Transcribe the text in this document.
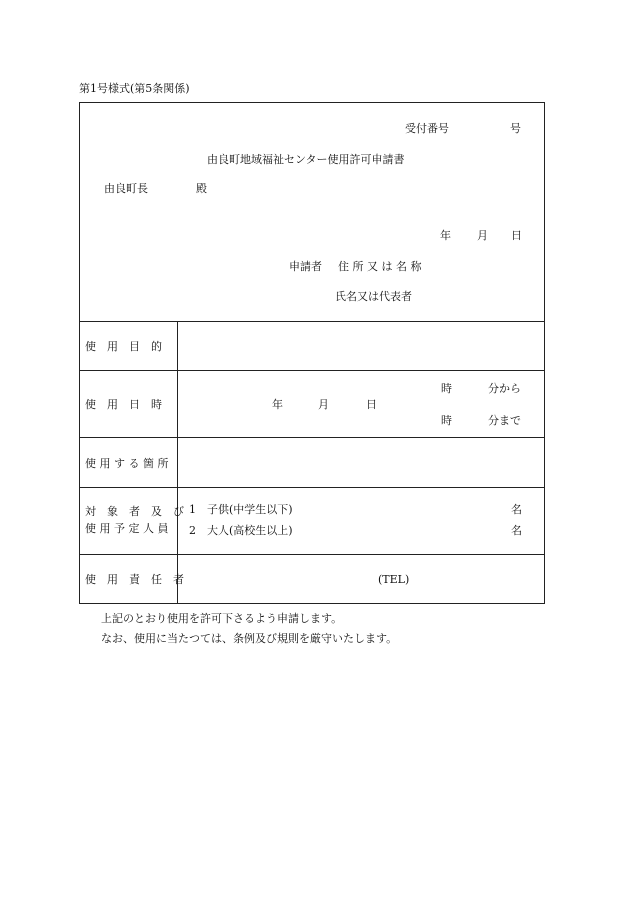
第1号様式(第5条関係)
受付番号	号
由良町地域福祉センター使用許可申請書
由良町長	殿
年 月 日
申請者 住 所 又 は 名 称
氏名又は代表者
使　用　目　的
使　用　日　時	年	月	日
時	分から
時	分まで
使 用 す る 箇 所
対　象　者　及　び
使 用 予 定 人 員
1 子供(中学生以下)	名
2 大人(高校生以上)	名
使　用　責　任　者	(TEL)
上記のとおり使用を許可下さるよう申請します。
なお、使用に当たつては、条例及び規則を厳守いたします。
